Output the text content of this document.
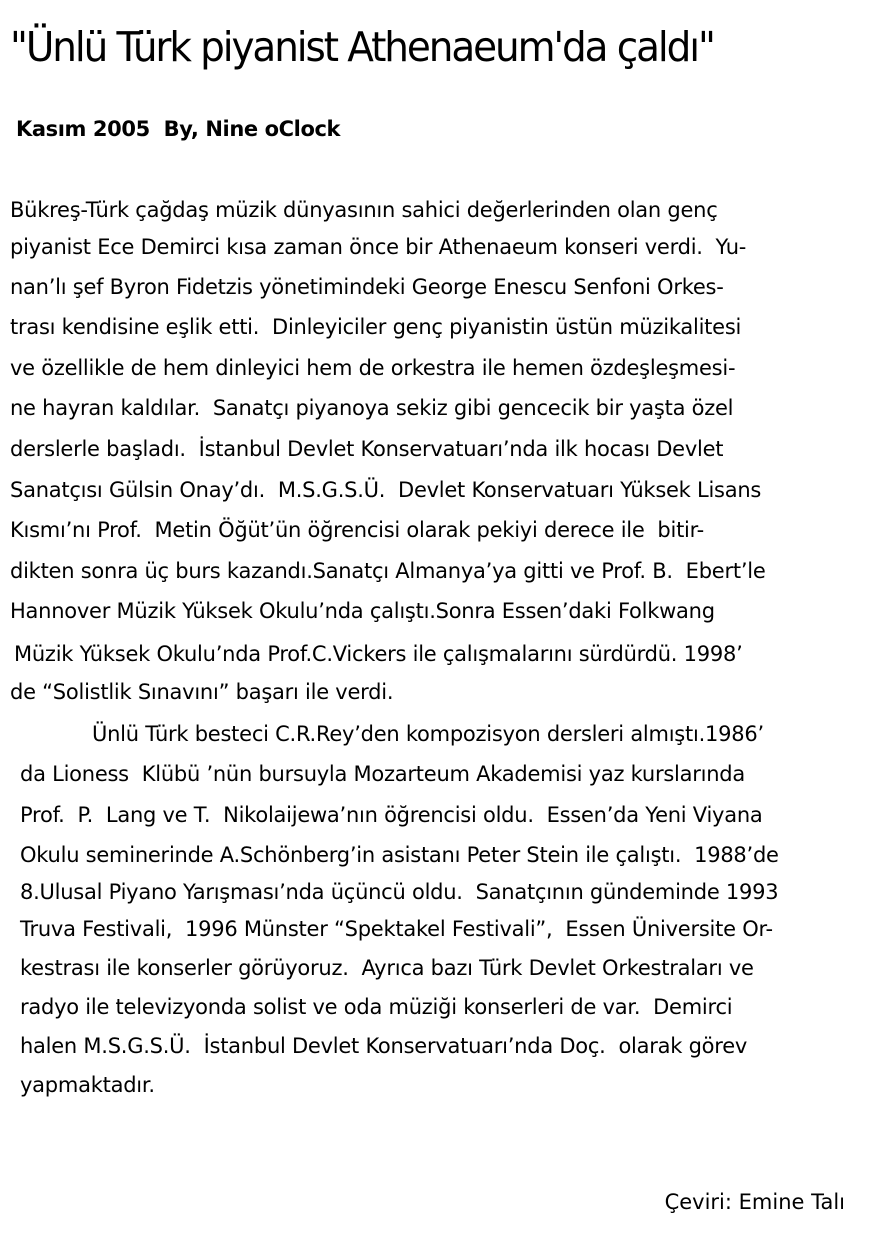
"Ünlü Türk piyanist Athenaeum'da çaldı"
Kasım 2005  By, Nine oClock
Bükreş-Türk çağdaş müzik dünyasının sahici değerlerinden olan genç
piyanist Ece Demirci kısa zaman önce bir Athenaeum konseri verdi.  Yu-
nan’lı şef Byron Fidetzis yönetimindeki George Enescu Senfoni Orkes-
trası kendisine eşlik etti.  Dinleyiciler genç piyanistin üstün müzikalitesi
ve özellikle de hem dinleyici hem de orkestra ile hemen özdeşleşmesi-
ne hayran kaldılar.  Sanatçı piyanoya sekiz gibi gencecik bir yaşta özel
derslerle başladı.  İstanbul Devlet Konservatuarı’nda ilk hocası Devlet
Sanatçısı Gülsin Onay’dı.  M.S.G.S.Ü.  Devlet Konservatuarı Yüksek Lisans
Kısmı’nı Prof.  Metin Öğüt’ün öğrencisi olarak pekiyi derece ile  bitir-
dikten sonra üç burs kazandı.Sanatçı Almanya’ya gitti ve Prof. B.  Ebert’le
Hannover Müzik Yüksek Okulu’nda çalıştı.Sonra Essen’daki Folkwang
Müzik Yüksek Okulu’nda Prof.C.Vickers ile çalışmalarını sürdürdü. 1998’
de “Solistlik Sınavını” başarı ile verdi.
Ünlü Türk besteci C.R.Rey’den kompozisyon dersleri almıştı.1986’
da Lioness  Klübü ’nün bursuyla Mozarteum Akademisi yaz kurslarında
Prof.  P.  Lang ve T.  Nikolaijewa’nın öğrencisi oldu.  Essen’da Yeni Viyana
Okulu seminerinde A.Schönberg’in asistanı Peter Stein ile çalıştı.  1988’de
8.Ulusal Piyano Yarışması’nda üçüncü oldu.  Sanatçının gündeminde 1993
Truva Festivali,  1996 Münster “Spektakel Festivali”,  Essen Üniversite Or-
kestrası ile konserler görüyoruz.  Ayrıca bazı Türk Devlet Orkestraları ve
radyo ile televizyonda solist ve oda müziği konserleri de var.  Demirci
halen M.S.G.S.Ü.  İstanbul Devlet Konservatuarı’nda Doç.  olarak görev
yapmaktadır.
Çeviri: Emine Talı
